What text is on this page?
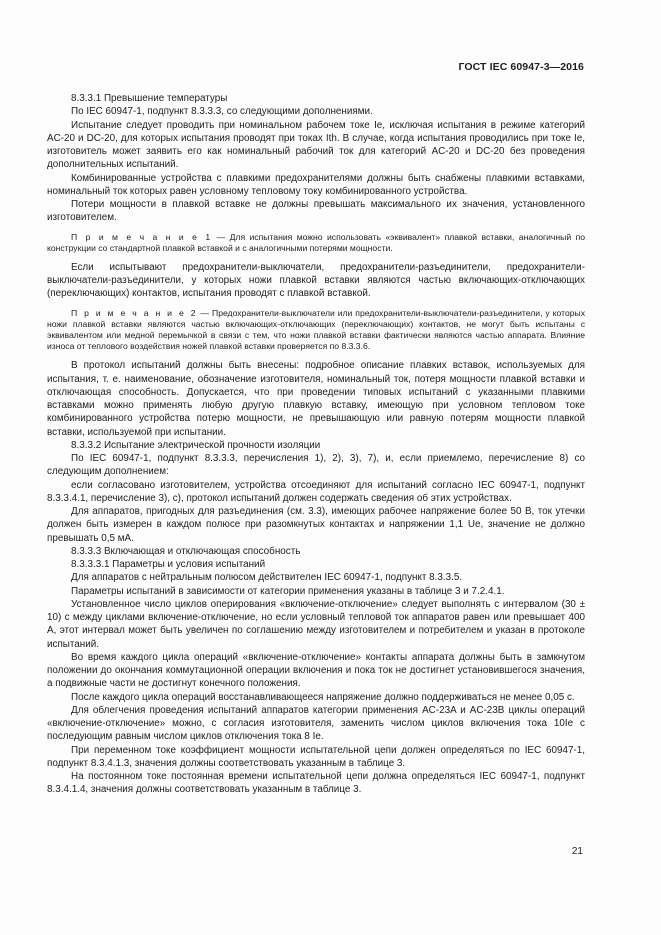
ГОСТ IEC 60947-3—2016

8.3.3.1 Превышение температуры

По IEC 60947-1, подпункт 8.3.3.3, со следующими дополнениями.

Испытание следует проводить при номинальном рабочем токе Ie, исключая испытания в режиме категорий AC-20 и DC-20, для которых испытания проводят при токах Ith. В случае, когда испытания проводились при токе Ie, изготовитель может заявить его как номинальный рабочий ток для категорий AC-20 и DC-20 без проведения дополнительных испытаний.

Комбинированные устройства с плавкими предохранителями должны быть снабжены плавкими вставками, номинальный ток которых равен условному тепловому току комбинированного устройства.

Потери мощности в плавкой вставке не должны превышать максимального их значения, установленного изготовителем.

П р и м е ч а н и е 1 — Для испытания можно использовать «эквивалент» плавкой вставки, аналогичный по конструкции со стандартной плавкой вставкой и с аналогичными потерями мощности.

Если испытывают предохранители-выключатели, предохранители-разъединители, предохранители-выключатели-разъединители, у которых ножи плавкой вставки являются частью включающих-отключающих (переключающих) контактов, испытания проводят с плавкой вставкой.

П р и м е ч а н и е 2 — Предохранители-выключатели или предохранители-выключатели-разъединители, у которых ножи плавкой вставки являются частью включающих-отключающих (переключающих) контактов, не могут быть испытаны с эквивалентом или медной перемычкой в связи с тем, что ножи плавкой вставки фактически являются частью аппарата. Влияние износа от теплового воздействия ножей плавкой вставки проверяется по 8.3.3.6.

В протокол испытаний должны быть внесены: подробное описание плавких вставок, используемых для испытания, т. е. наименование, обозначение изготовителя, номинальный ток, потеря мощности плавкой вставки и отключающая способность. Допускается, что при проведении типовых испытаний с указанными плавкими вставками можно применять любую другую плавкую вставку, имеющую при условном тепловом токе комбинированного устройства потерю мощности, не превышающую или равную потерям мощности плавкой вставки, используемой при испытании.

8.3.3.2 Испытание электрической прочности изоляции

По IEC 60947-1, подпункт 8.3.3.3, перечисления 1), 2), 3), 7), и, если приемлемо, перечисление 8) со следующим дополнением:

если согласовано изготовителем, устройства отсоединяют для испытаний согласно IEC 60947-1, подпункт 8.3.3.4.1, перечисление 3), c), протокол испытаний должен содержать сведения об этих устройствах.

Для аппаратов, пригодных для разъединения (см. 3.3), имеющих рабочее напряжение более 50 В, ток утечки должен быть измерен в каждом полюсе при разомкнутых контактах и напряжении 1,1 Ue, значение не должно превышать 0,5 мА.

8.3.3.3 Включающая и отключающая способность

8.3.3.3.1 Параметры и условия испытаний

Для аппаратов с нейтральным полюсом действителен IEC 60947-1, подпункт 8.3.3.5.

Параметры испытаний в зависимости от категории применения указаны в таблице 3 и 7.2.4.1.

Установленное число циклов оперирования «включение-отключение» следует выполнять с интервалом (30 ± 10) с между циклами включение-отключение, но если условный тепловой ток аппаратов равен или превышает 400 А, этот интервал может быть увеличен по соглашению между изготовителем и потребителем и указан в протоколе испытаний.

Во время каждого цикла операций «включение-отключение» контакты аппарата должны быть в замкнутом положении до окончания коммутационной операции включения и пока ток не достигнет установившегося значения, а подвижные части не достигнут конечного положения.

После каждого цикла операций восстанавливающееся напряжение должно поддерживаться не менее 0,05 с.

Для облегчения проведения испытаний аппаратов категории применения AC-23A и AC-23B циклы операций «включение-отключение» можно, с согласия изготовителя, заменить числом циклов включения тока 10Ie с последующим равным числом циклов отключения тока 8 Ie.

При переменном токе коэффициент мощности испытательной цепи должен определяться по IEC 60947-1, подпункт 8.3.4.1.3, значения должны соответствовать указанным в таблице 3.

На постоянном токе постоянная времени испытательной цепи должна определяться IEC 60947-1, подпункт 8.3.4.1.4, значения должны соответствовать указанным в таблице 3.

21
